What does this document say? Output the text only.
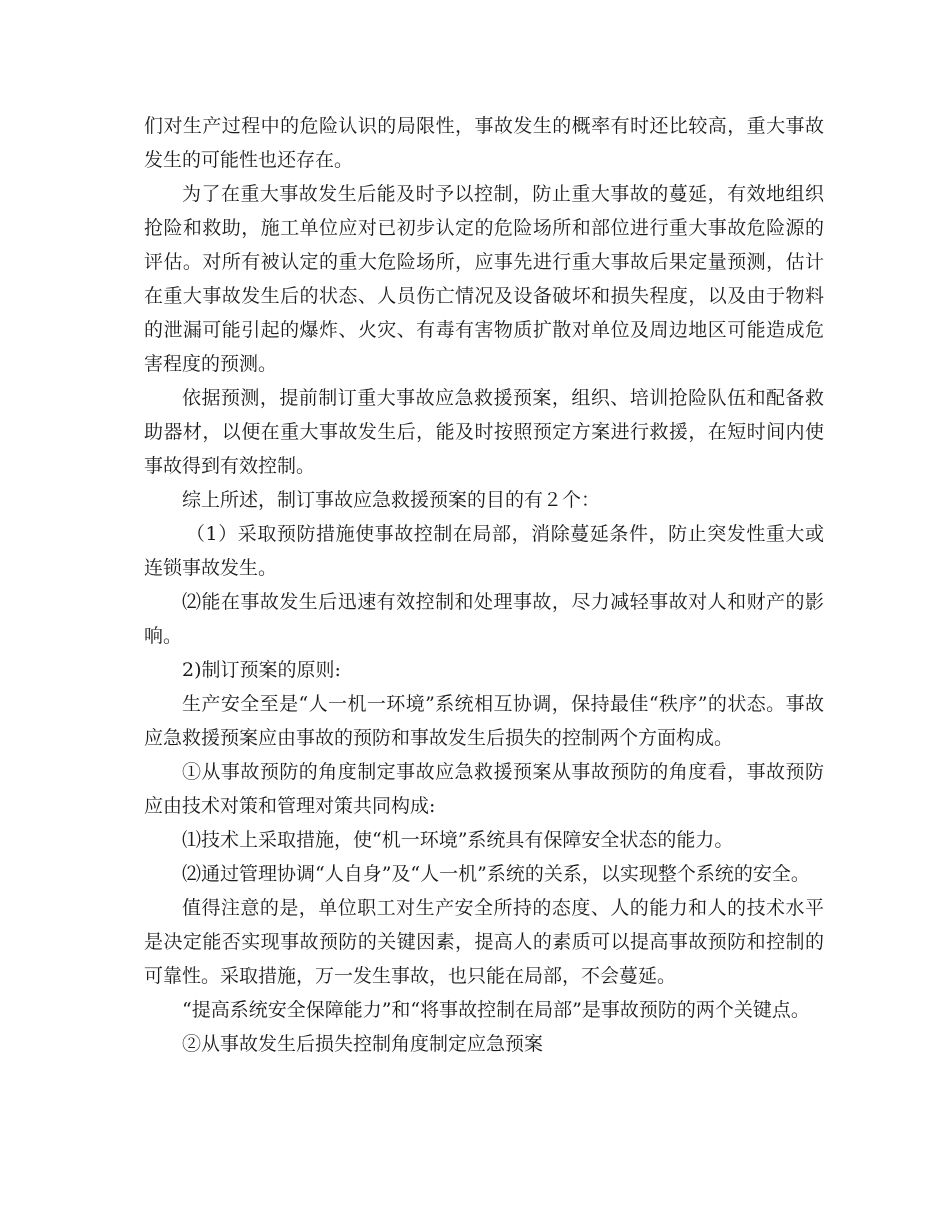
们对生产过程中的危险认识的局限性，事故发生的概率有时还比较高，重大事故发生的可能性也还存在。

为了在重大事故发生后能及时予以控制，防止重大事故的蔓延，有效地组织抢险和救助，施工单位应对已初步认定的危险场所和部位进行重大事故危险源的评估。对所有被认定的重大危险场所，应事先进行重大事故后果定量预测，估计在重大事故发生后的状态、人员伤亡情况及设备破坏和损失程度，以及由于物料的泄漏可能引起的爆炸、火灾、有毒有害物质扩散对单位及周边地区可能造成危害程度的预测。

依据预测，提前制订重大事故应急救援预案，组织、培训抢险队伍和配备救助器材，以便在重大事故发生后，能及时按照预定方案进行救援，在短时间内使事故得到有效控制。

综上所述，制订事故应急救援预案的目的有２个：

（1）采取预防措施使事故控制在局部，消除蔓延条件，防止突发性重大或连锁事故发生。

⑵能在事故发生后迅速有效控制和处理事故，尽力减轻事故对人和财产的影响。

2)制订预案的原则:

生产安全至是“人一机一环境”系统相互协调，保持最佳“秩序”的状态。事故应急救援预案应由事故的预防和事故发生后损失的控制两个方面构成。

①从事故预防的角度制定事故应急救援预案从事故预防的角度看，事故预防应由技术对策和管理对策共同构成:

⑴技术上采取措施，使“机一环境”系统具有保障安全状态的能力。

⑵通过管理协调“人自身”及“人一机”系统的关系，以实现整个系统的安全。

值得注意的是，单位职工对生产安全所持的态度、人的能力和人的技术水平是决定能否实现事故预防的关键因素，提高人的素质可以提高事故预防和控制的可靠性。采取措施，万一发生事故，也只能在局部，不会蔓延。

“提高系统安全保障能力”和“将事故控制在局部”是事故预防的两个关键点。

②从事故发生后损失控制角度制定应急预案
